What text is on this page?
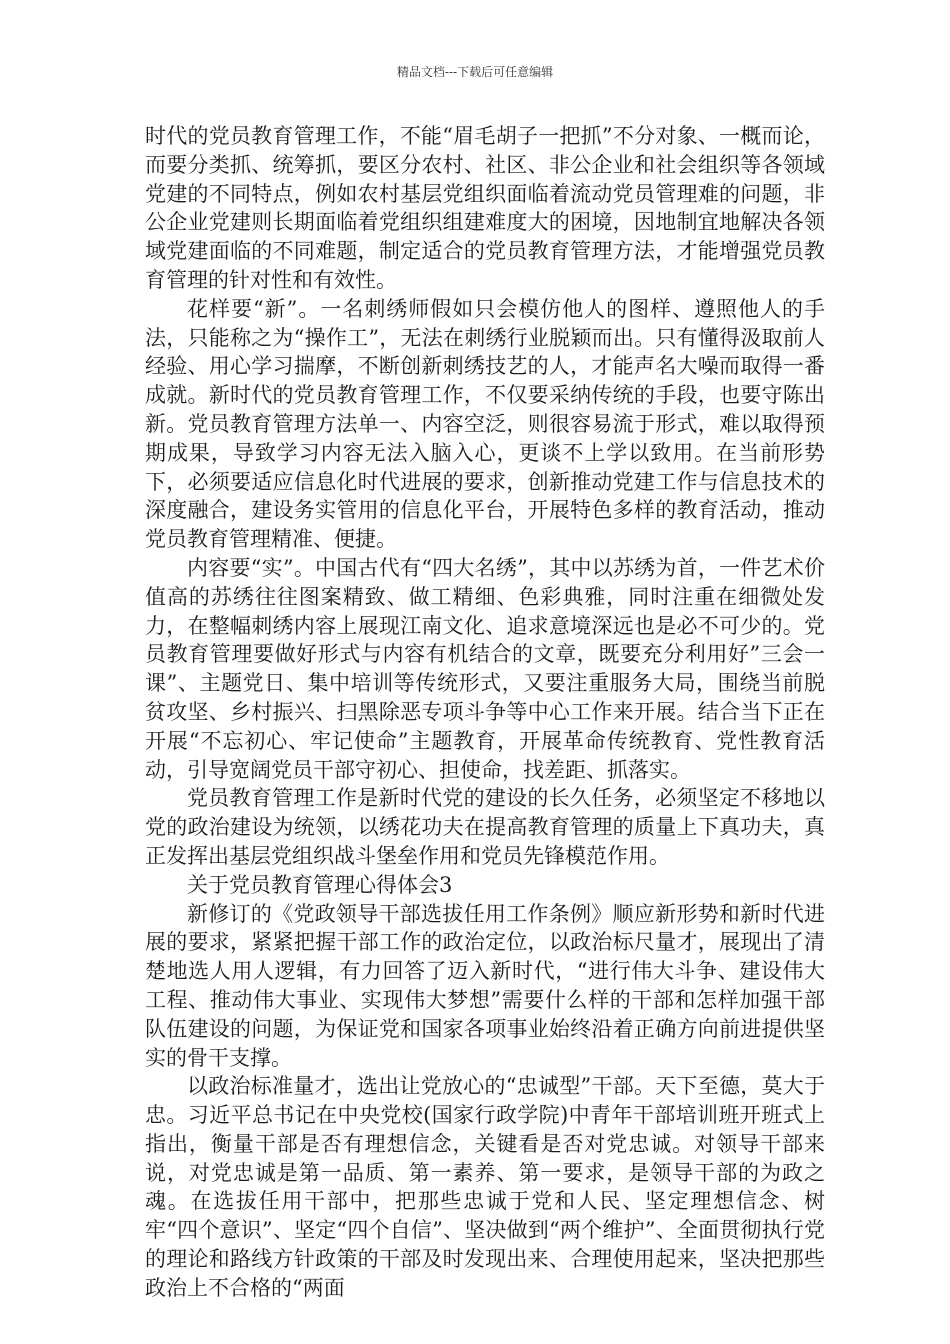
精品文档---下载后可任意编辑

时代的党员教育管理工作，不能“眉毛胡子一把抓”不分对象、一概而论，而要分类抓、统筹抓，要区分农村、社区、非公企业和社会组织等各领域党建的不同特点，例如农村基层党组织面临着流动党员管理难的问题，非公企业党建则长期面临着党组织组建难度大的困境，因地制宜地解决各领域党建面临的不同难题，制定适合的党员教育管理方法，才能增强党员教育管理的针对性和有效性。

花样要“新”。一名刺绣师假如只会模仿他人的图样、遵照他人的手法，只能称之为“操作工”，无法在刺绣行业脱颖而出。只有懂得汲取前人经验、用心学习揣摩，不断创新刺绣技艺的人，才能声名大噪而取得一番成就。新时代的党员教育管理工作，不仅要采纳传统的手段，也要守陈出新。党员教育管理方法单一、内容空泛，则很容易流于形式，难以取得预期成果，导致学习内容无法入脑入心，更谈不上学以致用。在当前形势下，必须要适应信息化时代进展的要求，创新推动党建工作与信息技术的深度融合，建设务实管用的信息化平台，开展特色多样的教育活动，推动党员教育管理精准、便捷。

内容要“实”。中国古代有“四大名绣”，其中以苏绣为首，一件艺术价值高的苏绣往往图案精致、做工精细、色彩典雅，同时注重在细微处发力，在整幅刺绣内容上展现江南文化、追求意境深远也是必不可少的。党员教育管理要做好形式与内容有机结合的文章，既要充分利用好”三会一课”、主题党日、集中培训等传统形式，又要注重服务大局，围绕当前脱贫攻坚、乡村振兴、扫黑除恶专项斗争等中心工作来开展。结合当下正在开展“不忘初心、牢记使命”主题教育，开展革命传统教育、党性教育活动，引导宽阔党员干部守初心、担使命，找差距、抓落实。

党员教育管理工作是新时代党的建设的长久任务，必须坚定不移地以党的政治建设为统领，以绣花功夫在提高教育管理的质量上下真功夫，真正发挥出基层党组织战斗堡垒作用和党员先锋模范作用。

关于党员教育管理心得体会3

新修订的《党政领导干部选拔任用工作条例》顺应新形势和新时代进展的要求，紧紧把握干部工作的政治定位，以政治标尺量才，展现出了清楚地选人用人逻辑，有力回答了迈入新时代，“进行伟大斗争、建设伟大工程、推动伟大事业、实现伟大梦想”需要什么样的干部和怎样加强干部队伍建设的问题，为保证党和国家各项事业始终沿着正确方向前进提供坚实的骨干支撑。

以政治标准量才，选出让党放心的“忠诚型”干部。天下至德，莫大于忠。习近平总书记在中央党校(国家行政学院)中青年干部培训班开班式上指出，衡量干部是否有理想信念，关键看是否对党忠诚。对领导干部来说，对党忠诚是第一品质、第一素养、第一要求，是领导干部的为政之魂。在选拔任用干部中，把那些忠诚于党和人民、坚定理想信念、树牢“四个意识”、坚定“四个自信”、坚决做到“两个维护”、全面贯彻执行党的理论和路线方针政策的干部及时发现出来、合理使用起来，坚决把那些政治上不合格的“两面
